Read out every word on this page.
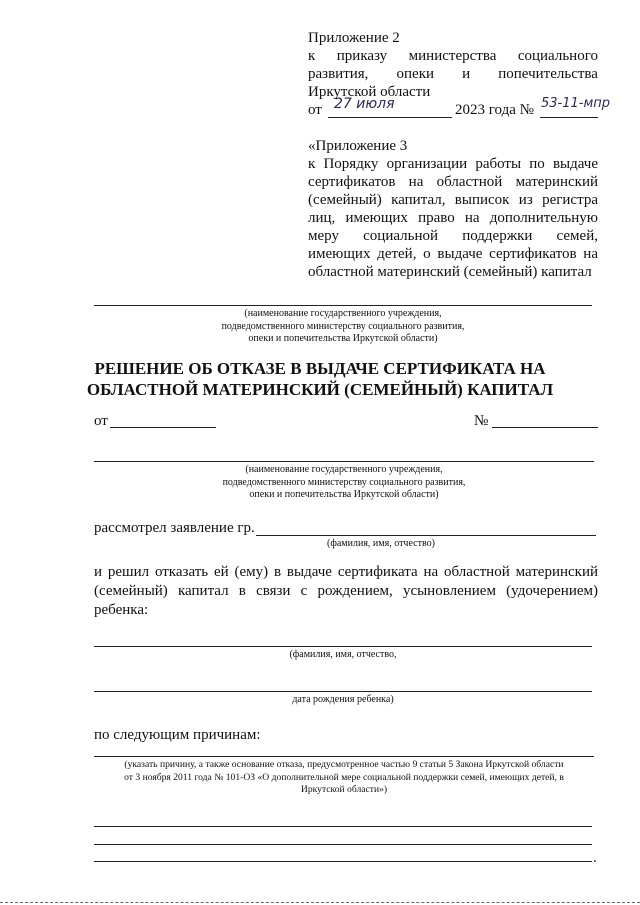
Приложение 2
к приказу министерства социального
развития, опеки и попечительства
Иркутской области
от 27 июля	2023 года № 53-11-мпр
«Приложение 3
к Порядку организации работы по выдаче
сертификатов на областной материнский
(семейный) капитал, выписок из регистра
лиц, имеющих право на дополнительную
меру социальной поддержки семей,
имеющих детей, о выдаче сертификатов на
областной материнский (семейный) капитал
(наименование государственного учреждения,
подведомственного министерству социального развития,
опеки и попечительства Иркутской области)
РЕШЕНИЕ ОБ ОТКАЗЕ В ВЫДАЧЕ СЕРТИФИКАТА НА
ОБЛАСТНОЙ МАТЕРИНСКИЙ (СЕМЕЙНЫЙ) КАПИТАЛ
от	№
(наименование государственного учреждения,
подведомственного министерству социального развития,
опеки и попечительства Иркутской области)
рассмотрел заявление гр.
(фамилия, имя, отчество)
и решил отказать ей (ему) в выдаче сертификата на областной материнский
(семейный) капитал в связи с рождением, усыновлением (удочерением)
ребенка:
(фамилия, имя, отчество,
дата рождения ребенка)
по следующим причинам:
(указать причину, а также основание отказа, предусмотренное частью 9 статьи 5 Закона Иркутской области
от 3 ноября 2011 года № 101-ОЗ «О дополнительной мере социальной поддержки семей, имеющих детей, в
Иркутской области»)
.
